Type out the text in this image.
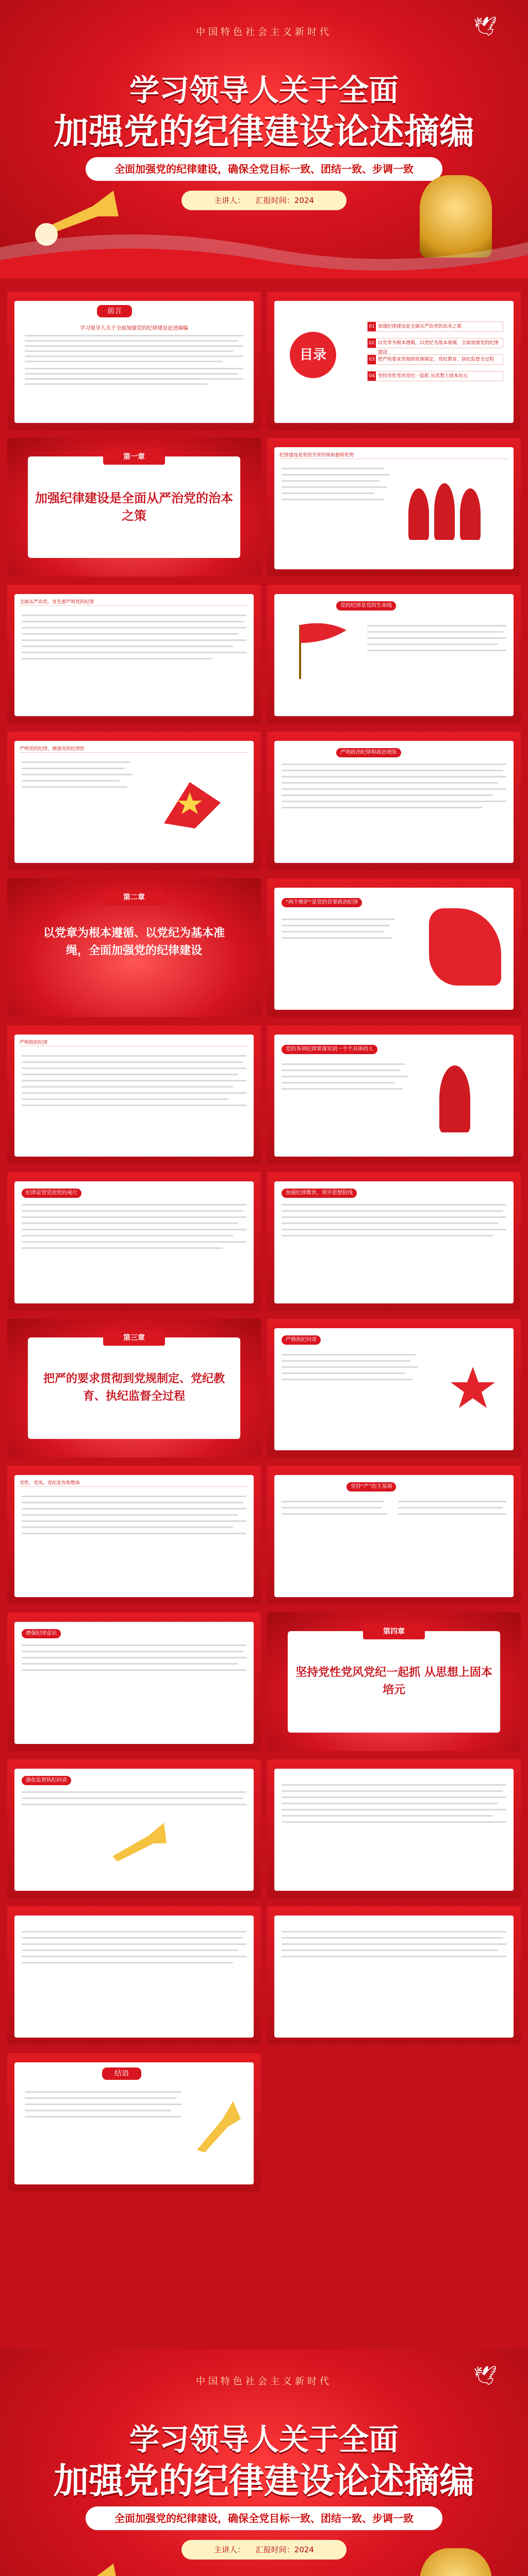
🕊
中国特色社会主义新时代
学习领导人关于全面
加强党的纪律建设论述摘编
全面加强党的纪律建设，确保全党目标一致、团结一致、步调一致
主讲人： 汇报时间：2024
前言
学习领导人关于全面加强党的纪律建设论述摘编
目录
01 加强纪律建设是全面从严治党的治本之策
02 以党章为根本遵循，以党纪为基本准绳，全面加强党的纪律建设
03 把严的要求贯彻到党规制定、党纪教育、执纪监督全过程
04 坚持党性党风党纪一起抓 从思想上固本培元
第一章
加强纪律建设是全面从严治党的治本之策
纪律建设是党的光荣传统和独特优势
全面从严治党，首先要严明党的纪律
党的纪律是党的生命线
严明党的纪律，增强党的纪律性
严明政治纪律和政治规矩
第二章
以党章为根本遵循、以党纪为基本准绳，全面加强党的纪律建设
“两个维护”是党的首要政治纪律
严明组织纪律
党的各项纪律要落实到一个个具体的人
纪律是管党治党的戒尺	加强纪律教育，筑牢思想防线
第三章
把严的要求贯彻到党规制定、党纪教育、执纪监督全过程
严格执纪问责
党性、党风、党纪是有机整体
坚持“严”的主基调
增强纪律意识	第四章
坚持党性党风党纪一起抓 从思想上固本培元
强化监督执纪问责
结语
🕊
中国特色社会主义新时代
学习领导人关于全面
加强党的纪律建设论述摘编
全面加强党的纪律建设，确保全党目标一致、团结一致、步调一致
主讲人： 汇报时间：2024
